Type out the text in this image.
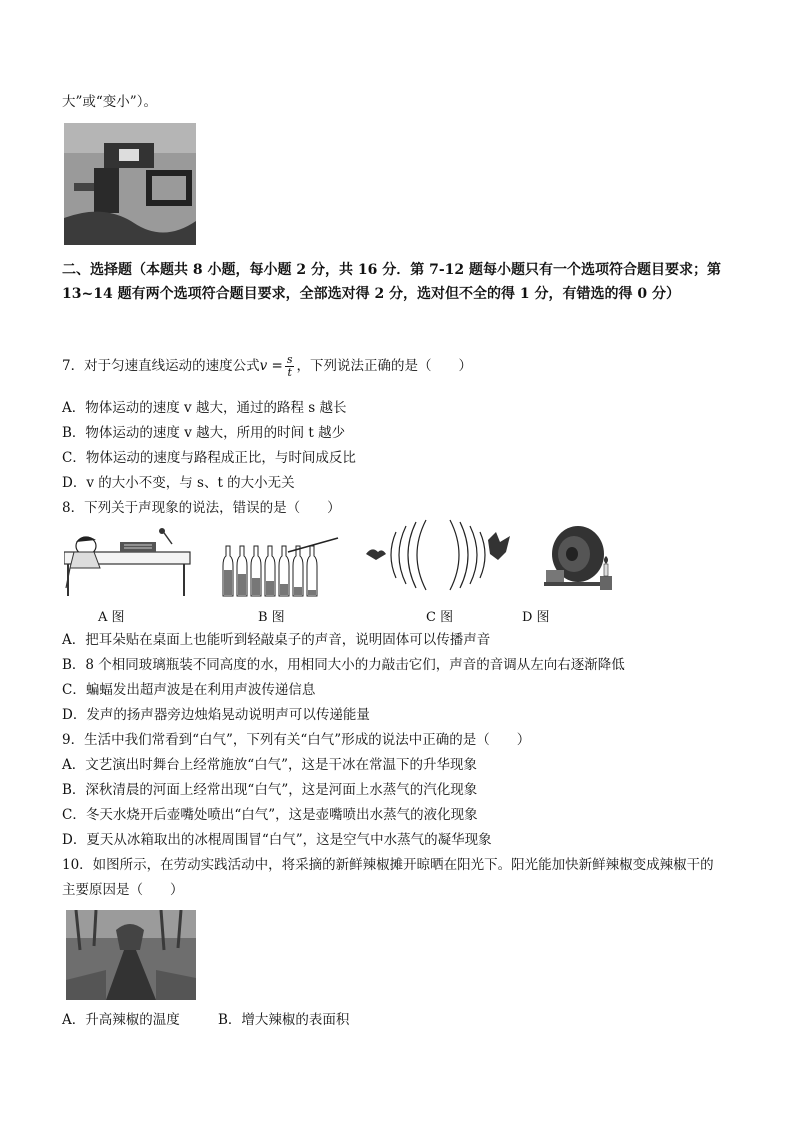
大”或“变小”）。
二、选择题（本题共 8 小题，每小题 2 分，共 16 分．第 7-12 题每小题只有一个选项符合题目要求；第 13~14 题有两个选项符合题目要求，全部选对得 2 分，选对但不全的得 1 分，有错选的得 0 分）
7．对于匀速直线运动的速度公式$v = \frac{s}{t}$ ，下列说法正确的是（　　）
A．物体运动的速度 v 越大，通过的路程 s 越长
B．物体运动的速度 v 越大，所用的时间 t 越少
C．物体运动的速度与路程成正比，与时间成反比
D．v 的大小不变，与 s、t 的大小无关
8．下列关于声现象的说法，错误的是（　　）
A 图	B 图	C 图	D 图
A．把耳朵贴在桌面上也能听到轻敲桌子的声音，说明固体可以传播声音
B．8 个相同玻璃瓶装不同高度的水，用相同大小的力敲击它们，声音的音调从左向右逐渐降低
C．蝙蝠发出超声波是在利用声波传递信息
D．发声的扬声器旁边烛焰晃动说明声可以传递能量
9．生活中我们常看到“白气”，下列有关“白气”形成的说法中正确的是（　　）
A．文艺演出时舞台上经常施放“白气”，这是干冰在常温下的升华现象
B．深秋清晨的河面上经常出现“白气”，这是河面上水蒸气的汽化现象
C．冬天水烧开后壶嘴处喷出“白气”，这是壶嘴喷出水蒸气的液化现象
D．夏天从冰箱取出的冰棍周围冒“白气”，这是空气中水蒸气的凝华现象
10．如图所示，在劳动实践活动中，将采摘的新鲜辣椒摊开晾晒在阳光下。阳光能加快新鲜辣椒变成辣椒干的
主要原因是（　　）
A．升高辣椒的温度	B．增大辣椒的表面积
